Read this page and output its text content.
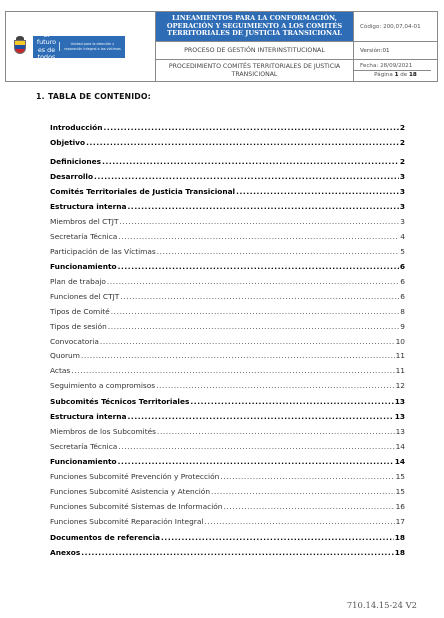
El futuro
es de todos
Unidad para la atención y reparación integral a las víctimas
LINEAMIENTOS PARA LA CONFORMACIÓN, OPERACIÓN Y SEGUIMIENTO A LOS COMITÉS TERRITORIALES DE JUSTICIA TRANSICIONAL
Código: 200,07,04-01
PROCESO DE GESTIÓN INTERINSTITUCIONAL	Versión:01
PROCEDIMIENTO COMITÉS TERRITORIALES DE JUSTICIA TRANSICIONAL
Fecha: 28/09/2021
Página 1 de 18
1. TABLA DE CONTENIDO:
Introducción .....	2
Objetivo .....	2
Definiciones .....	2
Desarrollo .....	3
Comités Territoriales de Justicia Transicional .....	3
Estructura interna .....	3
Miembros del CTJT .....	3
Secretaría Técnica .....	4
Participación de las Víctimas .....	5
Funcionamiento .....	6
Plan de trabajo .....	6
Funciones del CTJT .....	6
Tipos de Comité .....	8
Tipos de sesión .....	9
Convocatoria .....	10
Quorum .....	11
Actas .....	11
Seguimiento a compromisos .....	12
Subcomités Técnicos Territoriales .....	13
Estructura interna .....	13
Miembros de los Subcomités .....	13
Secretaría Técnica .....	14
Funcionamiento .....	14
Funciones Subcomité Prevención y Protección .....	15
Funciones Subcomité Asistencia y Atención .....	15
Funciones Subcomité Sistemas de Información .....	16
Funciones Subcomité Reparación Integral .....	17
Documentos de referencia .....	18
Anexos .....	18
710.14.15-24 V2
